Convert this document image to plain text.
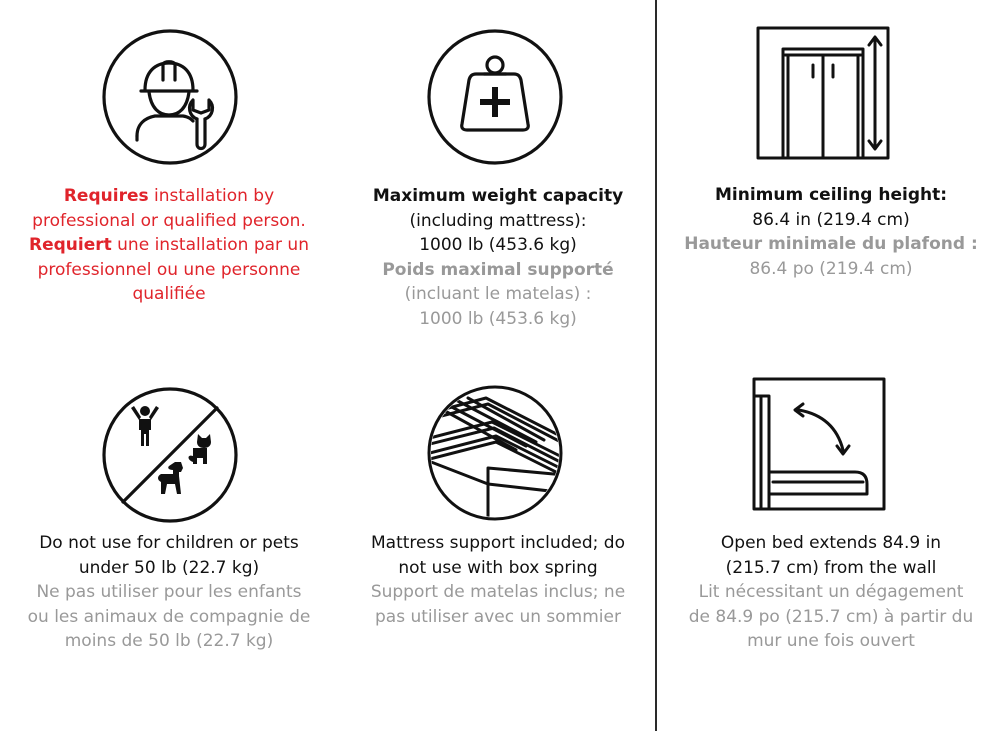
Requires installation by
professional or qualified person.
Requiert une installation par un
professionnel ou une personne
qualifiée
Maximum weight capacity
(including mattress):
1000 lb (453.6 kg)
Poids maximal supporté
(incluant le matelas) :
1000 lb (453.6 kg)
Minimum ceiling height:
86.4 in (219.4 cm)
Hauteur minimale du plafond :
86.4 po (219.4 cm)
Do not use for children or pets
under 50 lb (22.7 kg)
Ne pas utiliser pour les enfants
ou les animaux de compagnie de
moins de 50 lb (22.7 kg)
Mattress support included; do
not use with box spring
Support de matelas inclus; ne
pas utiliser avec un sommier
Open bed extends 84.9 in
(215.7 cm) from the wall
Lit nécessitant un dégagement
de 84.9 po (215.7 cm) à partir du
mur une fois ouvert
